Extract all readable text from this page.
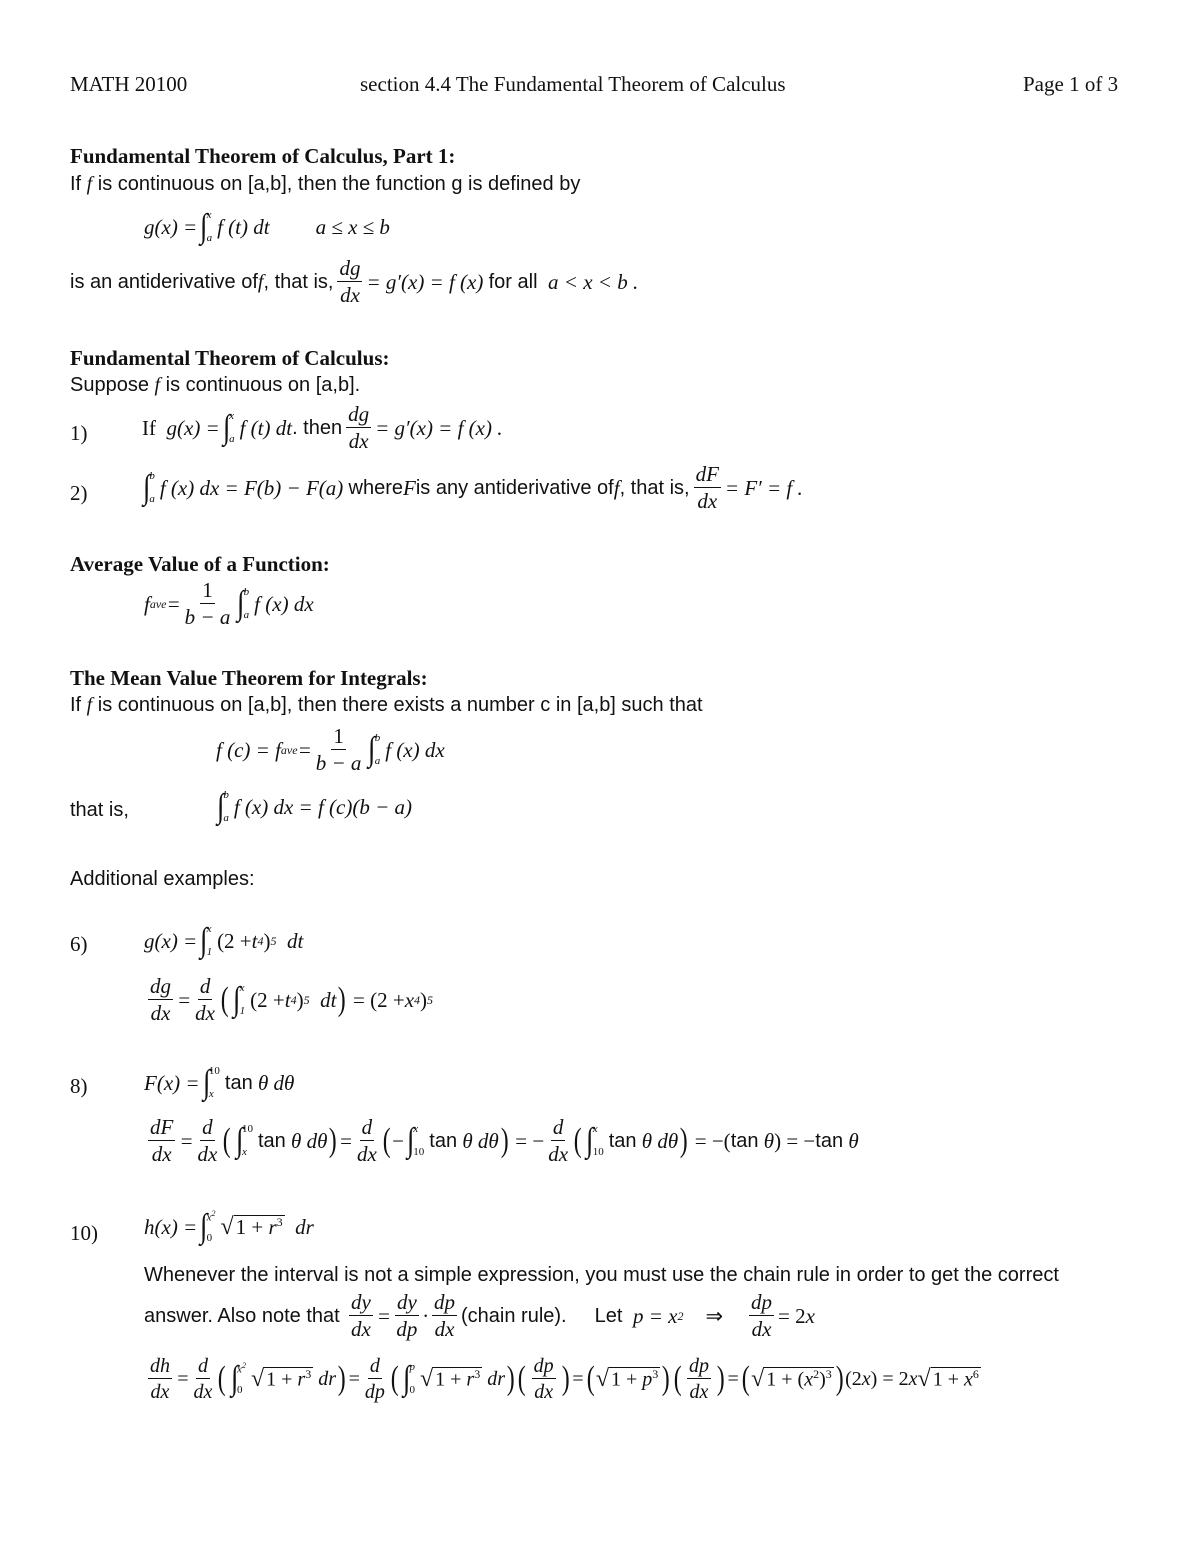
MATH 20100	section 4.4 The Fundamental Theorem of Calculus	Page 1 of 3
Fundamental Theorem of Calculus, Part 1:
If f is continuous on [a,b], then the function g is defined by
g(x) = ∫
x
a f (t) dt a ≤ x ≤ b
is an antiderivative of f , that is, $\frac{dg}{dx} = g'(x) = f$ (x) for all a < x < b .
Fundamental Theorem of Calculus:
Suppose f is continuous on [a,b].
1)	If g(x) = ∫
x
a f (t) dt . then $\frac{dg}{dx} = g'(x) = f$ (x) .
2) ∫
b
a f (x) dx = F(b) − F(a) where F is any antiderivative of f , that is, $\frac{dF}{dx} = F' = f$ .
Average Value of a Function:
f ave = $\frac{1}{b - a}$ ∫
b
a f (x) dx
The Mean Value Theorem for Integrals:
If f is continuous on [a,b], then there exists a number c in [a,b] such that
f (c) = f ave = $\frac{1}{b - a}$ ∫
b
a f (x) dx
that is,	∫
b
a f (x) dx = f (c)(b − a)
Additional examples:
6)	g(x) = ∫
x
1 (2 + t 4 ) 5 dt
$\frac{dg}{dx} = \frac{d}{dx}$ ( ∫
x
1 (2 + t 4 ) 5 dt ) = (2 + x 4 ) 5
8)	F(x) = ∫
10
x tan θ dθ
$\frac{dF}{dx} = \frac{d}{dx}$ ( ∫
10
x tan θ dθ ) = $\frac{d}{dx}$ ( − ∫
x
10 tan θ dθ ) = − $\frac{d}{dx}$ ( ∫
x
10 tan θ dθ ) = −( tan θ ) = − tan θ
10) h(x) = ∫
$x^2$
0 √ $1 + r^3$ dr
Whenever the interval is not a simple expression, you must use the chain rule in order to get the correct
answer. Also note that
$\frac{dy}{dx} = \frac{dy}{dp} \cdot \frac{dp}{dx}$ (chain rule). Let p = x 2 ⇒ $\frac{dp}{dx} = 2$ x
$\frac{dh}{dx} = \frac{d}{dx}$ ( ∫
$x^2$
0 √ $1 + r^3$ dr ) = $\frac{d}{dp}$ ( ∫
p
0 √ $1 + r^3$ dr ) ( $\frac{dp}{dx}$ ) = ( √ $1 + p^3$ ) ( $\frac{dp}{dx}$ ) = ( √ $1 + (x^2)^3$ ) (2 x ) = 2 x √ $1 + x^6$
